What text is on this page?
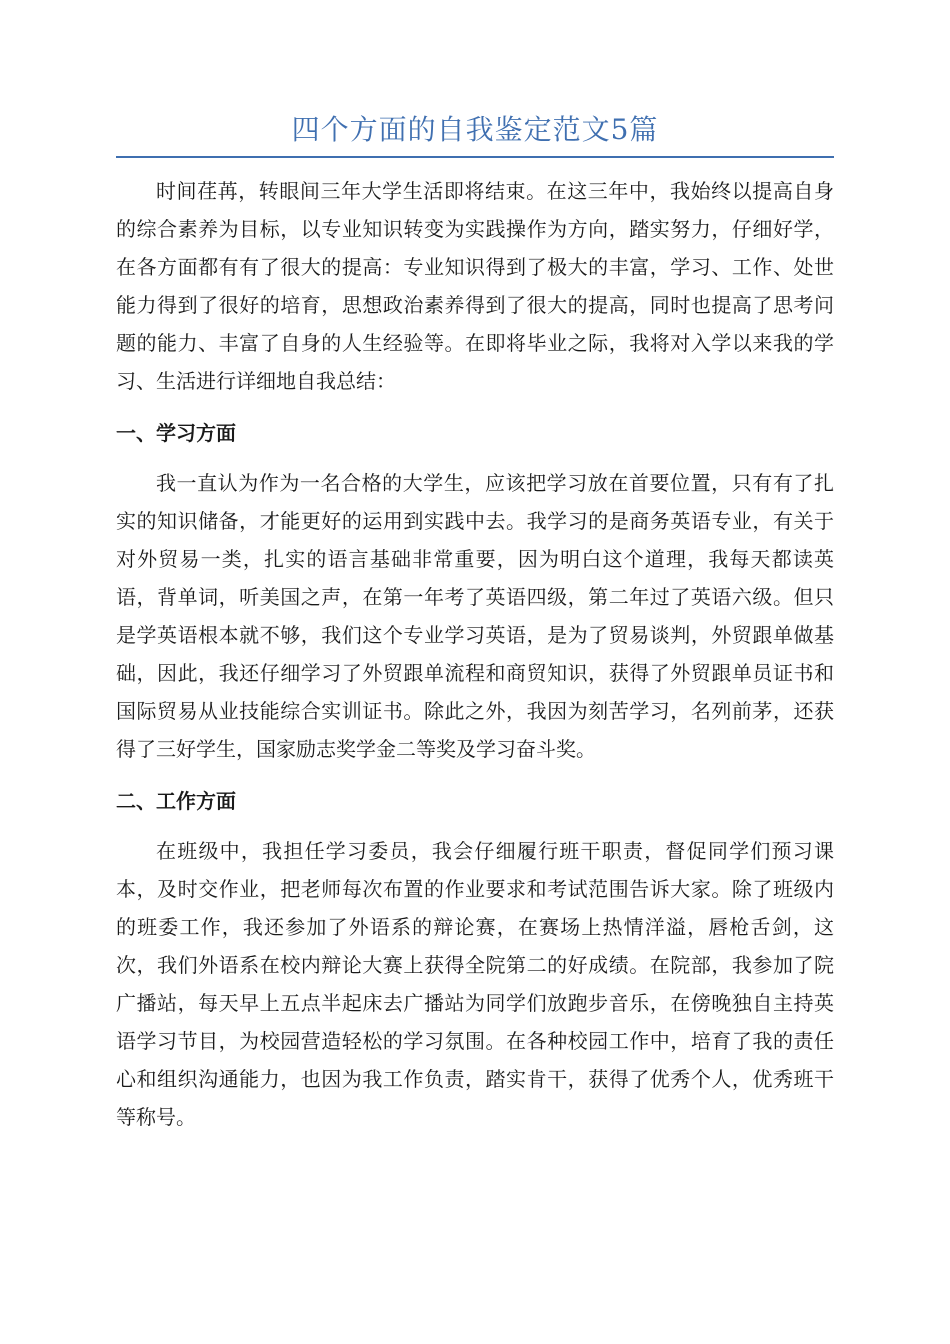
四个方面的自我鉴定范文5篇

时间荏苒，转眼间三年大学生活即将结束。在这三年中，我始终以提高自身的综合素养为目标，以专业知识转变为实践操作为方向，踏实努力，仔细好学，在各方面都有有了很大的提高：专业知识得到了极大的丰富，学习、工作、处世能力得到了很好的培育，思想政治素养得到了很大的提高，同时也提高了思考问题的能力、丰富了自身的人生经验等。在即将毕业之际，我将对入学以来我的学习、生活进行详细地自我总结：

一、学习方面

我一直认为作为一名合格的大学生，应该把学习放在首要位置，只有有了扎实的知识储备，才能更好的运用到实践中去。我学习的是商务英语专业，有关于对外贸易一类，扎实的语言基础非常重要，因为明白这个道理，我每天都读英语，背单词，听美国之声，在第一年考了英语四级，第二年过了英语六级。但只是学英语根本就不够，我们这个专业学习英语，是为了贸易谈判，外贸跟单做基础，因此，我还仔细学习了外贸跟单流程和商贸知识，获得了外贸跟单员证书和国际贸易从业技能综合实训证书。除此之外，我因为刻苦学习，名列前茅，还获得了三好学生，国家励志奖学金二等奖及学习奋斗奖。

二、工作方面

在班级中，我担任学习委员，我会仔细履行班干职责，督促同学们预习课本，及时交作业，把老师每次布置的作业要求和考试范围告诉大家。除了班级内的班委工作，我还参加了外语系的辩论赛，在赛场上热情洋溢，唇枪舌剑，这次，我们外语系在校内辩论大赛上获得全院第二的好成绩。在院部，我参加了院广播站，每天早上五点半起床去广播站为同学们放跑步音乐，在傍晚独自主持英语学习节目，为校园营造轻松的学习氛围。在各种校园工作中，培育了我的责任心和组织沟通能力，也因为我工作负责，踏实肯干，获得了优秀个人，优秀班干等称号。
